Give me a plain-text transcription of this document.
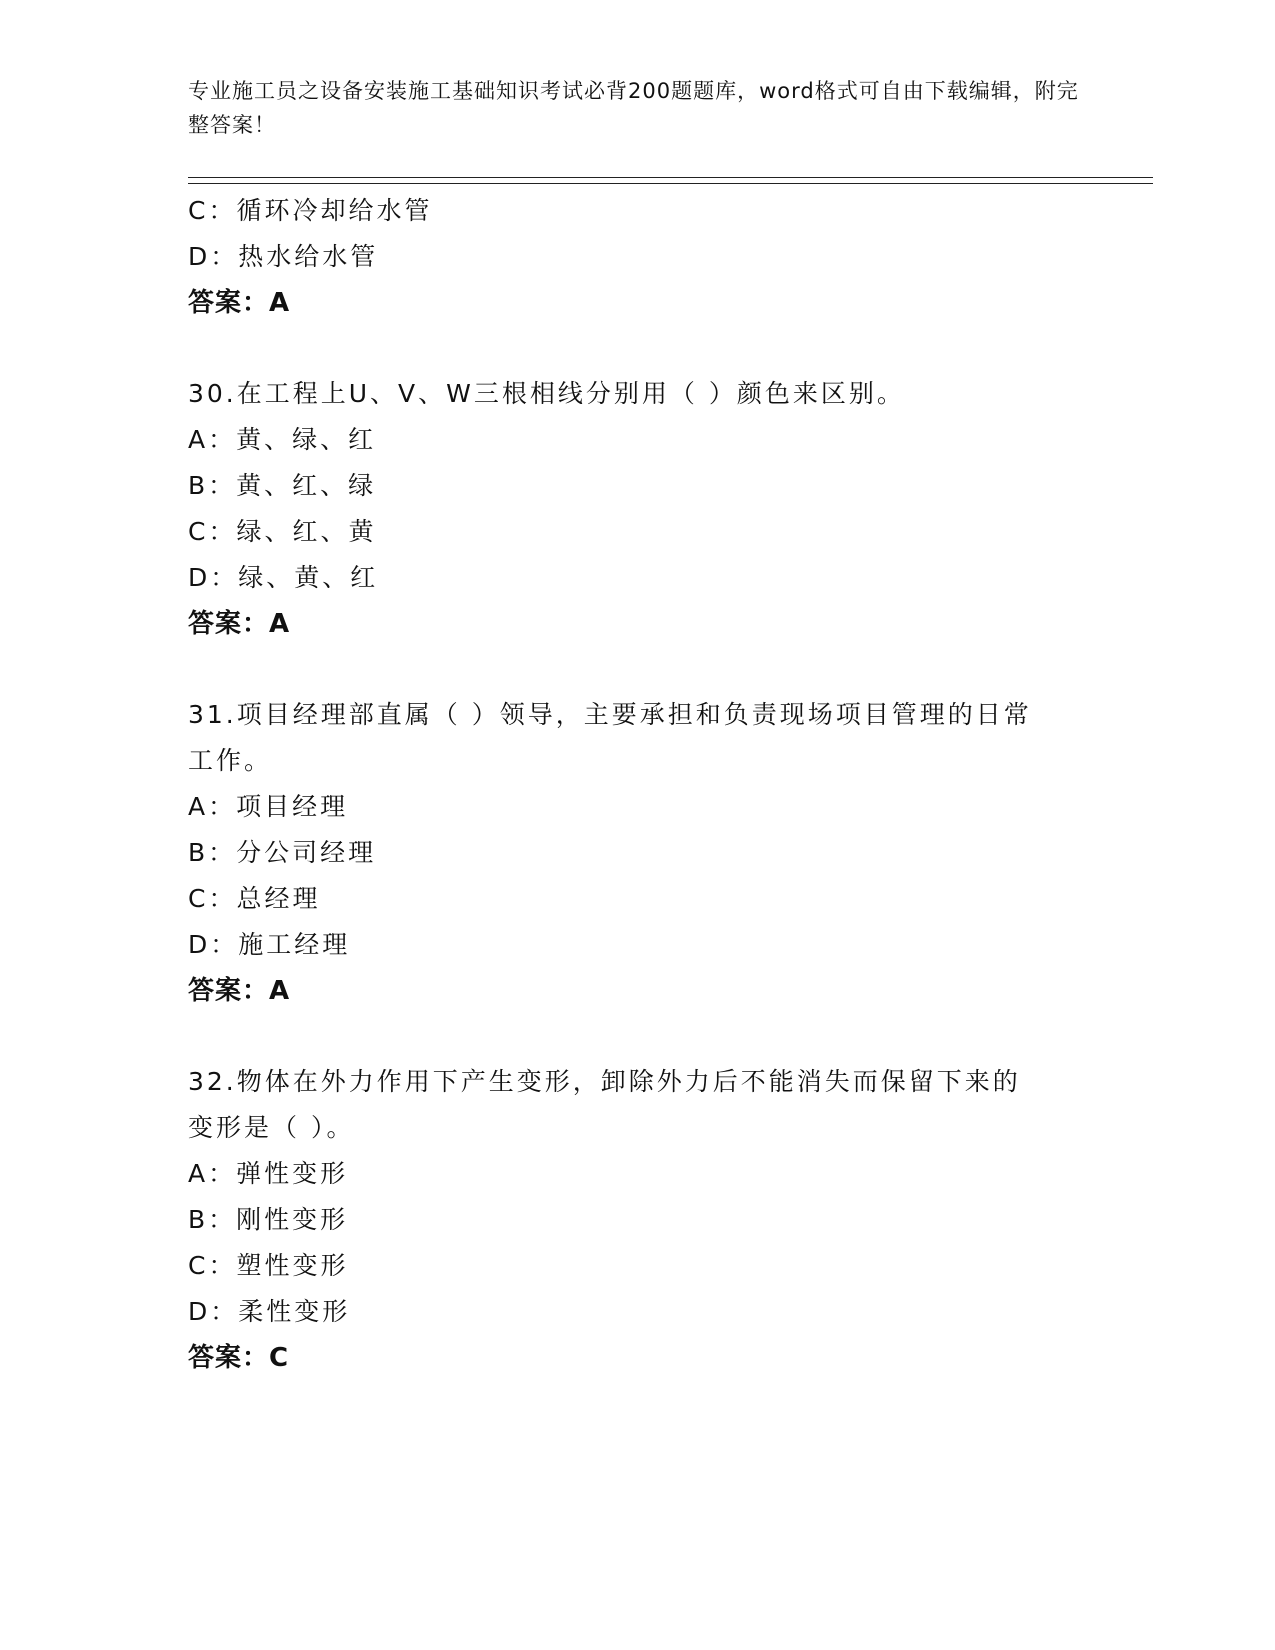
专业施工员之设备安装施工基础知识考试必背200题题库，word格式可自由下载编辑，附完整答案！
C：循环冷却给水管
D：热水给水管
答案：A
30.在工程上U、V、W三根相线分别用（ ）颜色来区别。
A：黄、绿、红
B：黄、红、绿
C：绿、红、黄
D：绿、黄、红
答案：A
31.项目经理部直属（ ）领导，主要承担和负责现场项目管理的日常工作。
A：项目经理
B：分公司经理
C：总经理
D：施工经理
答案：A
32.物体在外力作用下产生变形，卸除外力后不能消失而保留下来的变形是（ ）。
A：弹性变形
B：刚性变形
C：塑性变形
D：柔性变形
答案：C
